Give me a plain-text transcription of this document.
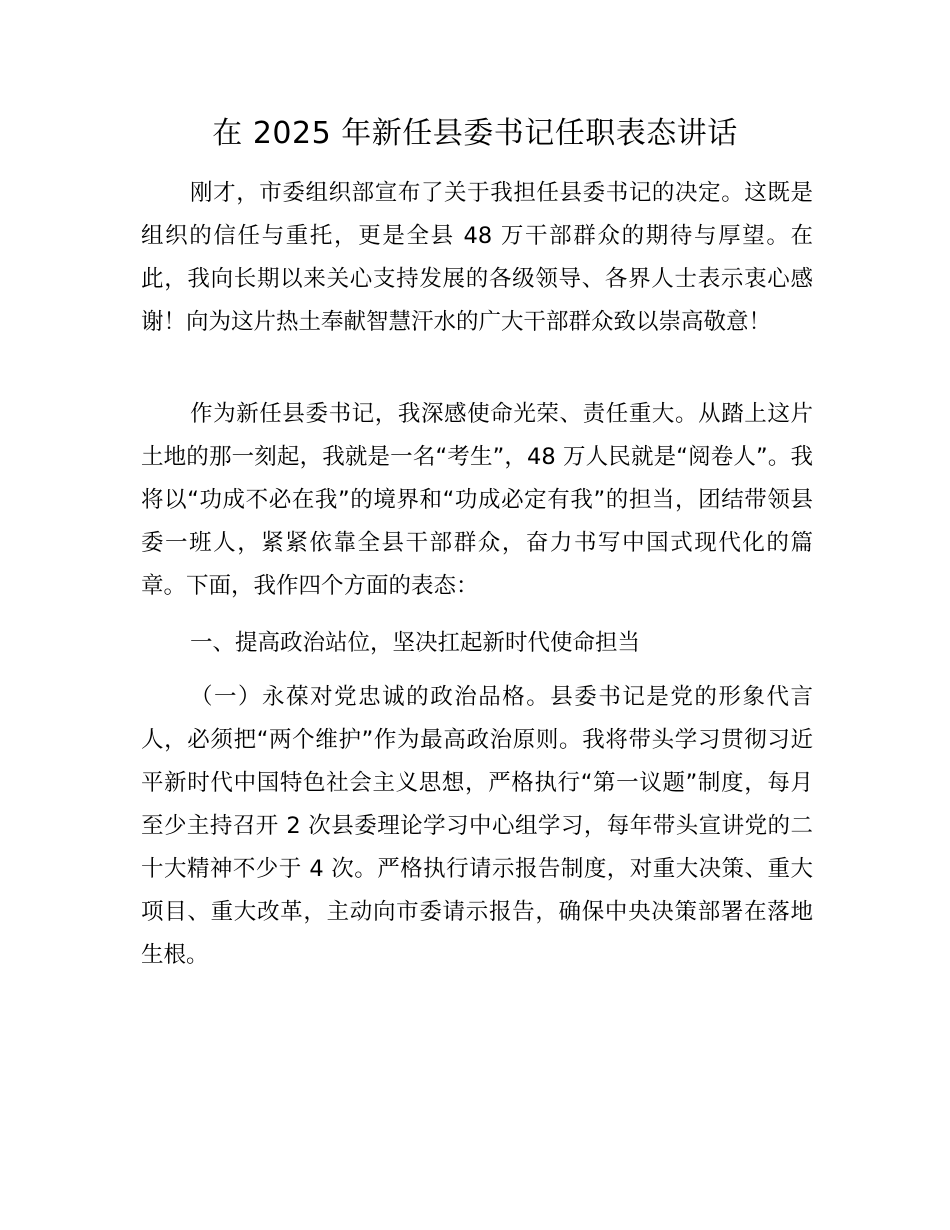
在 2025 年新任县委书记任职表态讲话

刚才，市委组织部宣布了关于我担任县委书记的决定。这既是组织的信任与重托，更是全县 48 万干部群众的期待与厚望。在此，我向长期以来关心支持发展的各级领导、各界人士表示衷心感谢！向为这片热土奉献智慧汗水的广大干部群众致以崇高敬意！

作为新任县委书记，我深感使命光荣、责任重大。从踏上这片土地的那一刻起，我就是一名“考生”，48 万人民就是“阅卷人”。我将以“功成不必在我”的境界和“功成必定有我”的担当，团结带领县委一班人，紧紧依靠全县干部群众，奋力书写中国式现代化的篇章。下面，我作四个方面的表态：

一、提高政治站位，坚决扛起新时代使命担当

（一）永葆对党忠诚的政治品格。县委书记是党的形象代言人，必须把“两个维护”作为最高政治原则。我将带头学习贯彻习近平新时代中国特色社会主义思想，严格执行“第一议题”制度，每月至少主持召开 2 次县委理论学习中心组学习，每年带头宣讲党的二十大精神不少于 4 次。严格执行请示报告制度，对重大决策、重大项目、重大改革，主动向市委请示报告，确保中央决策部署在落地生根。
